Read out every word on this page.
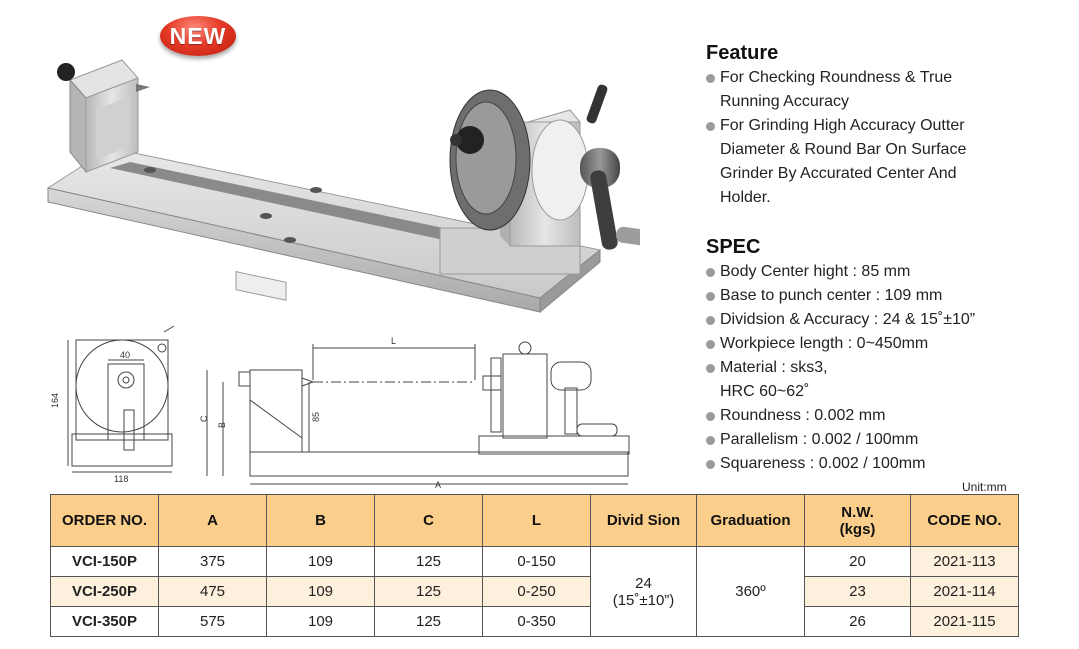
NEW
40
164
118
L
A
C
B
85
Feature
For Checking Roundness & True
Running Accuracy
For Grinding High Accuracy Outter
Diameter & Round Bar On Surface
Grinder By Accurated Center And
Holder.
SPEC
Body Center hight : 85 mm
Base to punch center : 109 mm
Dividsion & Accuracy : 24 & 15˚±10”
Workpiece length : 0~450mm
Material : sks3,
HRC 60~62˚
Roundness : 0.002 mm
Parallelism : 0.002 / 100mm
Squareness : 0.002 / 100mm
Unit:mm
ORDER NO.	A	B	C	L	Divid Sion	Graduation	N.W.
(kgs)	CODE NO.
VCI-150P	375	109	125	0-150	24
(15˚±10”)	360º	20	2021-113
VCI-250P	475	109	125	0-250			23	2021-114
VCI-350P	575	109	125	0-350			26	2021-115
